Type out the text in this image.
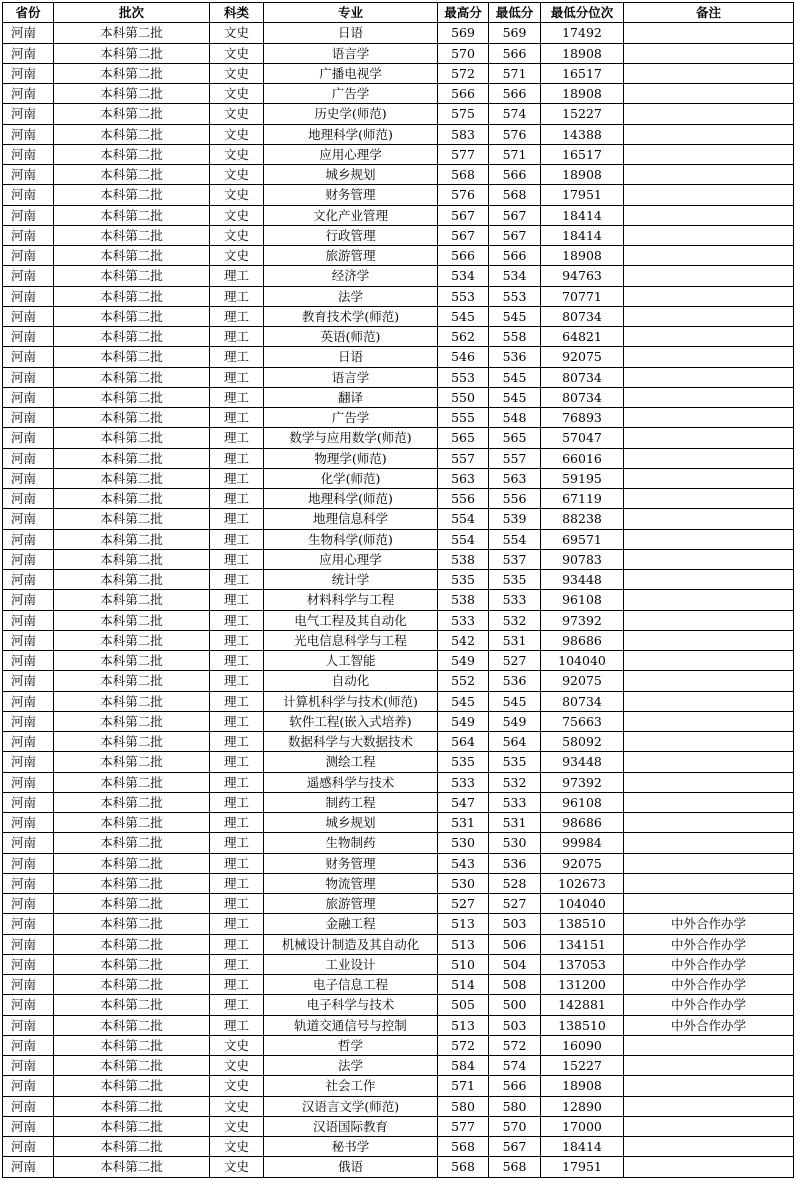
省份	批次	科类	专业	最高分	最低分	最低分位次	备注
河南	本科第二批	文史	日语	569	569	17492	
河南	本科第二批	文史	语言学	570	566	18908	
河南	本科第二批	文史	广播电视学	572	571	16517	
河南	本科第二批	文史	广告学	566	566	18908	
河南	本科第二批	文史	历史学(师范)	575	574	15227	
河南	本科第二批	文史	地理科学(师范)	583	576	14388	
河南	本科第二批	文史	应用心理学	577	571	16517	
河南	本科第二批	文史	城乡规划	568	566	18908	
河南	本科第二批	文史	财务管理	576	568	17951	
河南	本科第二批	文史	文化产业管理	567	567	18414	
河南	本科第二批	文史	行政管理	567	567	18414	
河南	本科第二批	文史	旅游管理	566	566	18908	
河南	本科第二批	理工	经济学	534	534	94763	
河南	本科第二批	理工	法学	553	553	70771	
河南	本科第二批	理工	教育技术学(师范)	545	545	80734	
河南	本科第二批	理工	英语(师范)	562	558	64821	
河南	本科第二批	理工	日语	546	536	92075	
河南	本科第二批	理工	语言学	553	545	80734	
河南	本科第二批	理工	翻译	550	545	80734	
河南	本科第二批	理工	广告学	555	548	76893	
河南	本科第二批	理工	数学与应用数学(师范)	565	565	57047	
河南	本科第二批	理工	物理学(师范)	557	557	66016	
河南	本科第二批	理工	化学(师范)	563	563	59195	
河南	本科第二批	理工	地理科学(师范)	556	556	67119	
河南	本科第二批	理工	地理信息科学	554	539	88238	
河南	本科第二批	理工	生物科学(师范)	554	554	69571	
河南	本科第二批	理工	应用心理学	538	537	90783	
河南	本科第二批	理工	统计学	535	535	93448	
河南	本科第二批	理工	材料科学与工程	538	533	96108	
河南	本科第二批	理工	电气工程及其自动化	533	532	97392	
河南	本科第二批	理工	光电信息科学与工程	542	531	98686	
河南	本科第二批	理工	人工智能	549	527	104040	
河南	本科第二批	理工	自动化	552	536	92075	
河南	本科第二批	理工	计算机科学与技术(师范)	545	545	80734	
河南	本科第二批	理工	软件工程(嵌入式培养)	549	549	75663	
河南	本科第二批	理工	数据科学与大数据技术	564	564	58092	
河南	本科第二批	理工	测绘工程	535	535	93448	
河南	本科第二批	理工	遥感科学与技术	533	532	97392	
河南	本科第二批	理工	制药工程	547	533	96108	
河南	本科第二批	理工	城乡规划	531	531	98686	
河南	本科第二批	理工	生物制药	530	530	99984	
河南	本科第二批	理工	财务管理	543	536	92075	
河南	本科第二批	理工	物流管理	530	528	102673	
河南	本科第二批	理工	旅游管理	527	527	104040	
河南	本科第二批	理工	金融工程	513	503	138510	中外合作办学
河南	本科第二批	理工	机械设计制造及其自动化	513	506	134151	中外合作办学
河南	本科第二批	理工	工业设计	510	504	137053	中外合作办学
河南	本科第二批	理工	电子信息工程	514	508	131200	中外合作办学
河南	本科第二批	理工	电子科学与技术	505	500	142881	中外合作办学
河南	本科第二批	理工	轨道交通信号与控制	513	503	138510	中外合作办学
河南	本科第二批	文史	哲学	572	572	16090	
河南	本科第二批	文史	法学	584	574	15227	
河南	本科第二批	文史	社会工作	571	566	18908	
河南	本科第二批	文史	汉语言文学(师范)	580	580	12890	
河南	本科第二批	文史	汉语国际教育	577	570	17000	
河南	本科第二批	文史	秘书学	568	567	18414	
河南	本科第二批	文史	俄语	568	568	17951	
